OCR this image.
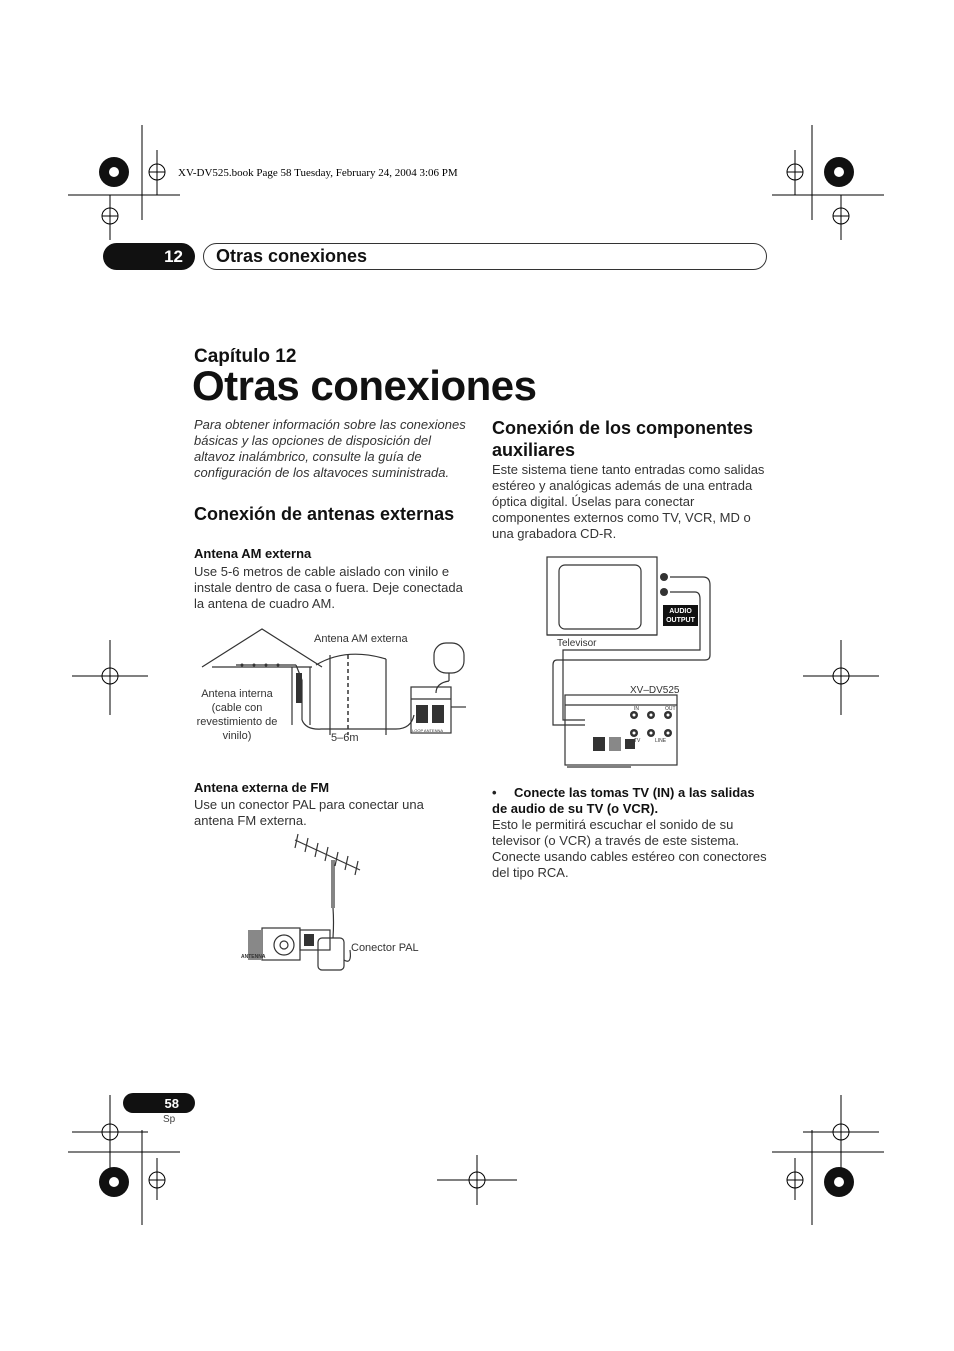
XV-DV525.book Page 58 Tuesday, February 24, 2004 3:06 PM
12	Otras conexiones
Capítulo 12
Otras conexiones
Para obtener información sobre las conexiones básicas y las opciones de disposición del altavoz inalámbrico, consulte la guía de configuración de los altavoces suministrada.
Conexión de antenas externas
Antena AM externa
Use 5-6 metros de cable aislado con vinilo e instale dentro de casa o fuera. Deje conectada la antena de cuadro AM.
Antena AM externa
Antena interna (cable con revestimiento de vinilo)	5–6m
LOOP ANTENNA
Antena externa de FM
Use un conector PAL para conectar una antena FM externa.
ANTENNA
Conector PAL
Conexión de los componentes auxiliares
Este sistema tiene tanto entradas como salidas estéreo y analógicas además de una entrada óptica digital. Úselas para conectar componentes externos como TV, VCR, MD o una grabadora CD-R.
AUDIO OUTPUT
Televisor
XV–DV525
IN	OUT
TV	LINE
•	Conecte las tomas TV (IN) a las salidas de audio de su TV (o VCR).
Esto le permitirá escuchar el sonido de su televisor (o VCR) a través de este sistema. Conecte usando cables estéreo con conectores del tipo RCA.
58
Sp
